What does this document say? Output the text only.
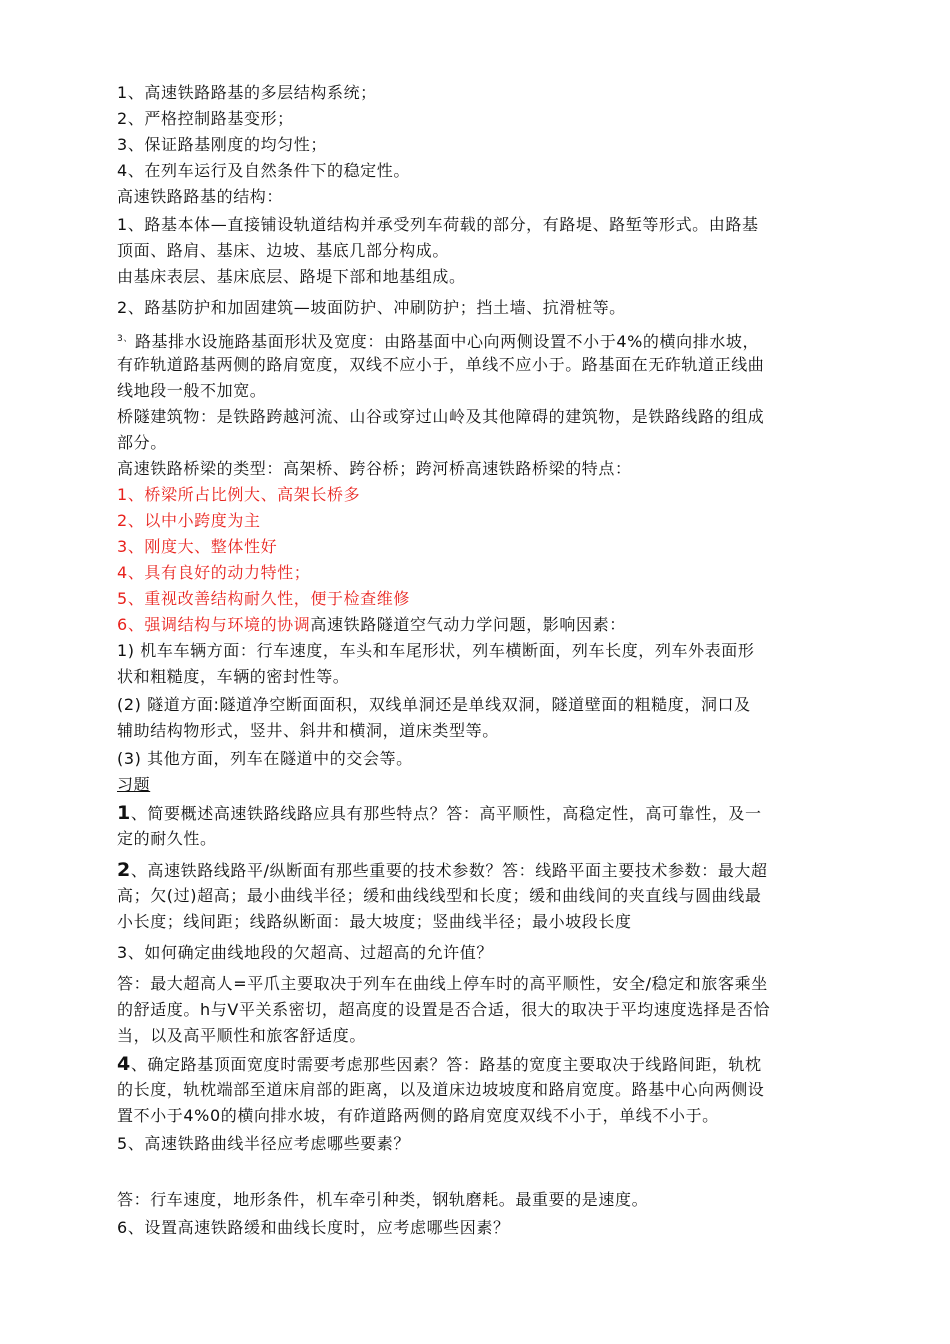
1、高速铁路路基的多层结构系统；
2、严格控制路基变形；
3、保证路基刚度的均匀性；
4、在列车运行及自然条件下的稳定性。
高速铁路路基的结构：
1、路基本体—直接铺设轨道结构并承受列车荷载的部分，有路堤、路堑等形式。由路基
顶面、路肩、基床、边坡、基底几部分构成。
由基床表层、基床底层、路堤下部和地基组成。
2、路基防护和加固建筑—坡面防护、冲刷防护；挡土墙、抗滑桩等。
$^{3、}$ 路基排水设施路基面形状及宽度：由路基面中心向两侧设置不小于4%的横向排水坡，
有砟轨道路基两侧的路肩宽度，双线不应小于，单线不应小于。路基面在无砟轨道正线曲
线地段一般不加宽。
桥隧建筑物：是铁路跨越河流、山谷或穿过山岭及其他障碍的建筑物，是铁路线路的组成
部分。
高速铁路桥梁的类型：高架桥、跨谷桥；跨河桥高速铁路桥梁的特点：
1、桥梁所占比例大、高架长桥多
2、以中小跨度为主
3、刚度大、整体性好
4、具有良好的动力特性；
5、重视改善结构耐久性，便于检查维修
6、强调结构与环境的协调高速铁路隧道空气动力学问题，影响因素：
1) 机车车辆方面：行车速度，车头和车尾形状，列车横断面，列车长度，列车外表面形
状和粗糙度，车辆的密封性等。
(2) 隧道方面:隧道净空断面面积，双线单洞还是单线双洞，隧道壁面的粗糙度，洞口及
辅助结构物形式，竖井、斜井和横洞，道床类型等。
(3) 其他方面，列车在隧道中的交会等。
习题
1、简要概述高速铁路线路应具有那些特点？答：高平顺性，高稳定性，高可靠性，及一
定的耐久性。
2、高速铁路线路平/纵断面有那些重要的技术参数？答：线路平面主要技术参数：最大超
高；欠(过)超高；最小曲线半径；缓和曲线线型和长度；缓和曲线间的夹直线与圆曲线最
小长度；线间距；线路纵断面：最大坡度；竖曲线半径；最小坡段长度
3、如何确定曲线地段的欠超高、过超高的允许值？
答：最大超高人=平爪主要取决于列车在曲线上停车时的高平顺性，安全/稳定和旅客乘坐
的舒适度。h与V平关系密切，超高度的设置是否合适，很大的取决于平均速度选择是否恰
当，以及高平顺性和旅客舒适度。
4、确定路基顶面宽度时需要考虑那些因素？答：路基的宽度主要取决于线路间距，轨枕
的长度，轨枕端部至道床肩部的距离，以及道床边坡坡度和路肩宽度。路基中心向两侧设
置不小于4%0的横向排水坡，有砟道路两侧的路肩宽度双线不小于，单线不小于。
5、高速铁路曲线半径应考虑哪些要素？
答：行车速度，地形条件，机车牵引种类，钢轨磨耗。最重要的是速度。
6、设置高速铁路缓和曲线长度时，应考虑哪些因素？
